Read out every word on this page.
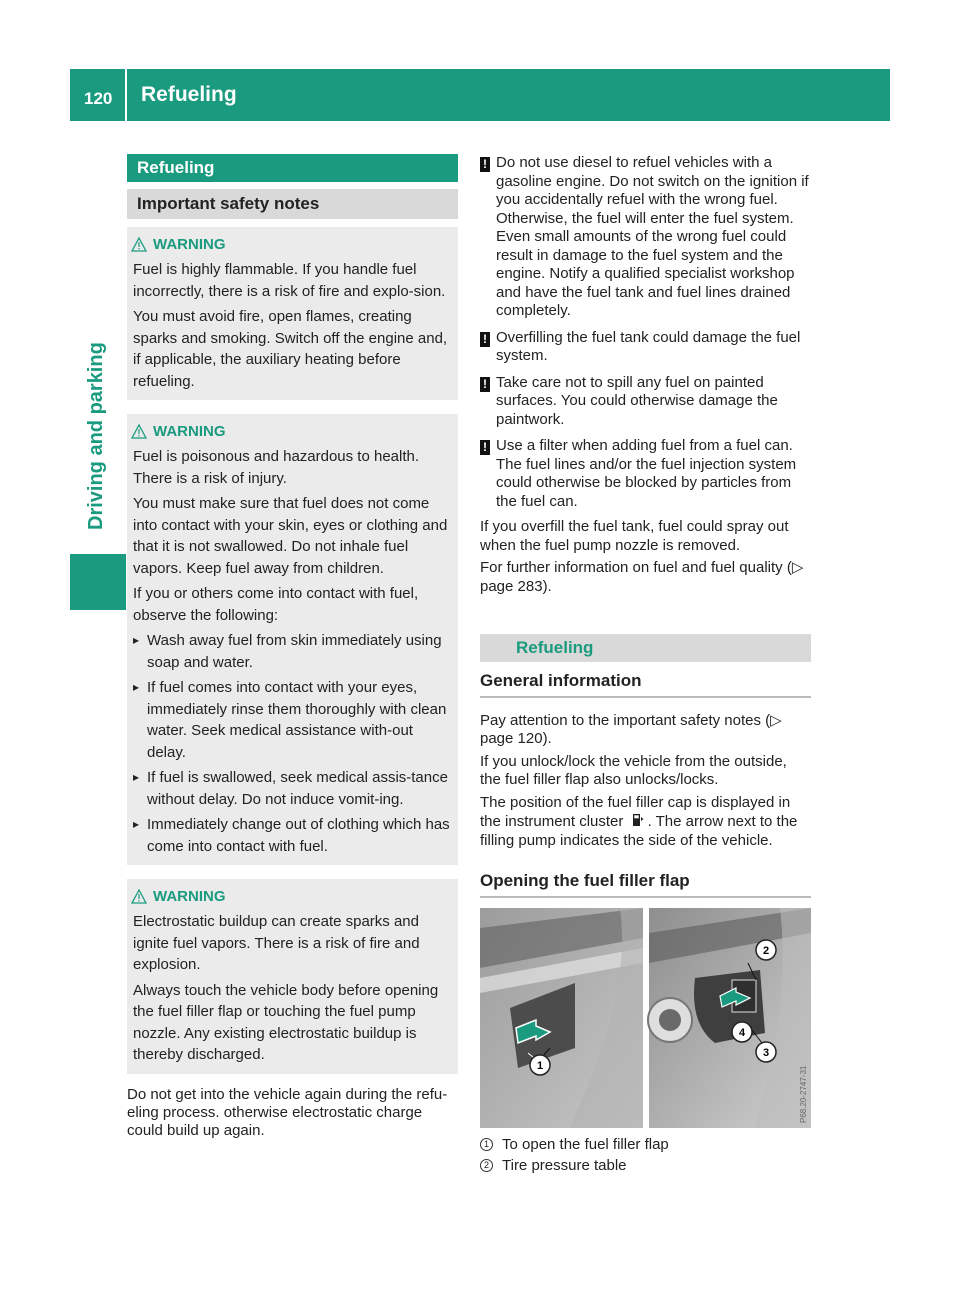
120 Refueling
Driving and parking
Refueling
Important safety notes
WARNING

Fuel is highly flammable. If you handle fuel incorrectly, there is a risk of fire and explo-sion.

You must avoid fire, open flames, creating sparks and smoking. Switch off the engine and, if applicable, the auxiliary heating before refueling.

WARNING

Fuel is poisonous and hazardous to health. There is a risk of injury.

You must make sure that fuel does not come into contact with your skin, eyes or clothing and that it is not swallowed. Do not inhale fuel vapors. Keep fuel away from children.

If you or others come into contact with fuel, observe the following:

▸ Wash away fuel from skin immediately using soap and water.
▸ If fuel comes into contact with your eyes, immediately rinse them thoroughly with clean water. Seek medical assistance with-out delay.
▸ If fuel is swallowed, seek medical assis-tance without delay. Do not induce vomit-ing.
▸ Immediately change out of clothing which has come into contact with fuel.
WARNING

Electrostatic buildup can create sparks and ignite fuel vapors. There is a risk of fire and explosion.

Always touch the vehicle body before opening the fuel filler flap or touching the fuel pump nozzle. Any existing electrostatic buildup is thereby discharged.

Do not get into the vehicle again during the refu-eling process. otherwise electrostatic charge could build up again.

! Do not use diesel to refuel vehicles with a gasoline engine. Do not switch on the ignition if you accidentally refuel with the wrong fuel. Otherwise, the fuel will enter the fuel system. Even small amounts of the wrong fuel could result in damage to the fuel system and the engine. Notify a qualified specialist workshop and have the fuel tank and fuel lines drained completely.
! Overfilling the fuel tank could damage the fuel system.
! Take care not to spill any fuel on painted surfaces. You could otherwise damage the paintwork.
! Use a filter when adding fuel from a fuel can. The fuel lines and/or the fuel injection system could otherwise be blocked by particles from the fuel can.

If you overfill the fuel tank, fuel could spray out when the fuel pump nozzle is removed.

For further information on fuel and fuel quality (▷ page 283).

Refueling
General information

Pay attention to the important safety notes (▷ page 120).

If you unlock/lock the vehicle from the outside, the fuel filler flap also unlocks/locks.

The position of the fuel filler cap is displayed in the instrument cluster . The arrow next to the filling pump indicates the side of the vehicle.

Opening the fuel filler flap
1
2
3
4
P68.20-2747-31
1 To open the fuel filler flap
2 Tire pressure table
